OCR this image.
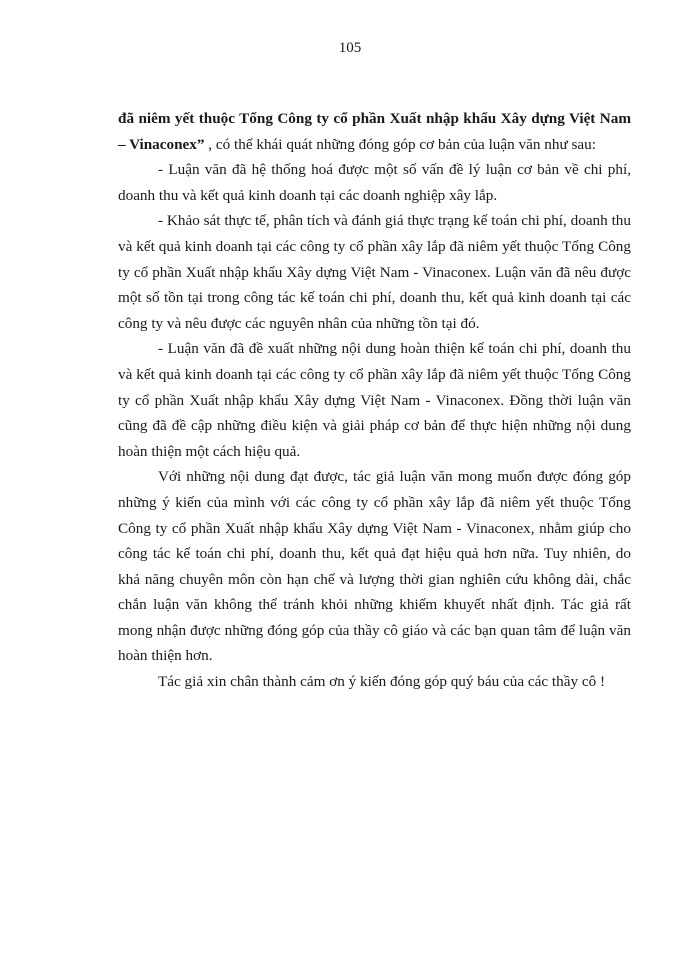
105

đã niêm yết thuộc Tổng Công ty cổ phần Xuất nhập khẩu Xây dựng Việt Nam – Vinaconex” , có thể khái quát những đóng góp cơ bản của luận văn như sau:

- Luận văn đã hệ thống hoá được một số vấn đề lý luận cơ bản về chi phí, doanh thu và kết quả kinh doanh tại các doanh nghiệp xây lắp.

- Khảo sát thực tế, phân tích và đánh giá thực trạng kế toán chi phí, doanh thu và kết quả kinh doanh tại các công ty cổ phần xây lắp đã niêm yết thuộc Tổng Công ty cổ phần Xuất nhập khẩu Xây dựng Việt Nam - Vinaconex. Luận văn đã nêu được một số tồn tại trong công tác kế toán chi phí, doanh thu, kết quả kinh doanh tại các công ty và nêu được các nguyên nhân của những tồn tại đó.

- Luận văn đã đề xuất những nội dung hoàn thiện kế toán chi phí, doanh thu và kết quả kinh doanh tại các công ty cổ phần xây lắp đã niêm yết thuộc Tổng Công ty cổ phần Xuất nhập khẩu Xây dựng Việt Nam - Vinaconex. Đồng thời luận văn cũng đã đề cập những điều kiện và giải pháp cơ bản để thực hiện những nội dung hoàn thiện một cách hiệu quả.

Với những nội dung đạt được, tác giả luận văn mong muốn được đóng góp những ý kiến của mình với các công ty cổ phần xây lắp đã niêm yết thuộc Tổng Công ty cổ phần Xuất nhập khẩu Xây dựng Việt Nam - Vinaconex, nhằm giúp cho công tác kế toán chi phí, doanh thu, kết quả đạt hiệu quả hơn nữa. Tuy nhiên, do khả năng chuyên môn còn hạn chế và lượng thời gian nghiên cứu không dài, chắc chắn luận văn không thể tránh khỏi những khiếm khuyết nhất định. Tác giả rất mong nhận được những đóng góp của thầy cô giáo và các bạn quan tâm để luận văn hoàn thiện hơn.

Tác giả xin chân thành cảm ơn ý kiến đóng góp quý báu của các thầy cô !
